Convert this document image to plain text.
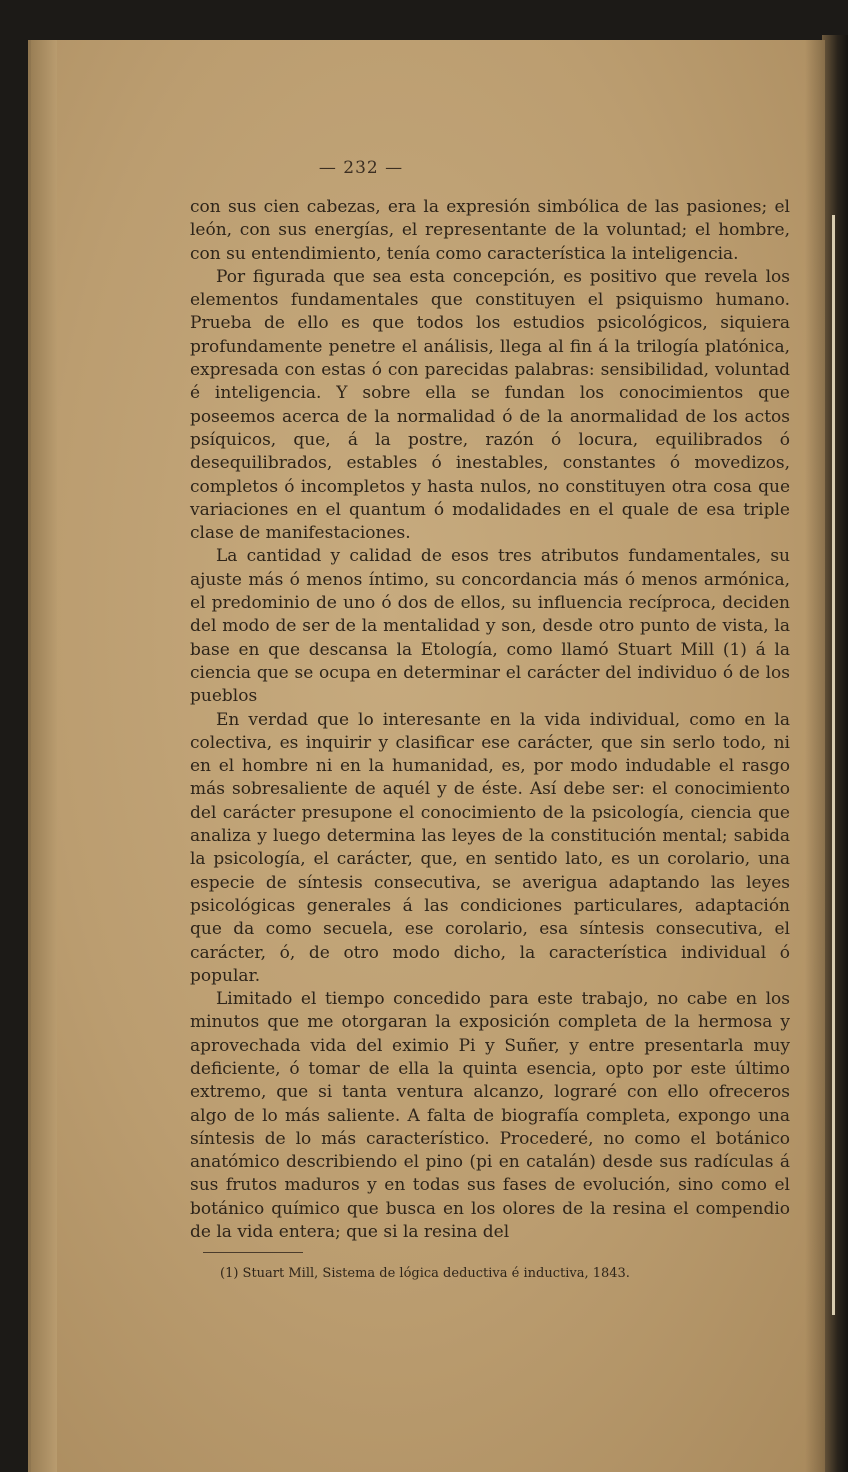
— 232 —

con sus cien cabezas, era la expresión simbólica de las pasiones; el león, con sus energías, el representante de la voluntad; el hombre, con su entendimiento, tenía como característica la inteligencia.

Por figurada que sea esta concepción, es positivo que revela los elementos fundamentales que constituyen el psiquismo humano. Prueba de ello es que todos los estudios psicológicos, siquiera profundamente penetre el análisis, llega al fin á la trilogía platónica, expresada con estas ó con parecidas palabras: sensibilidad, voluntad é inteligencia. Y sobre ella se fundan los conocimientos que poseemos acerca de la normalidad ó de la anormalidad de los actos psíquicos, que, á la postre, razón ó locura, equilibrados ó desequilibrados, estables ó inestables, constantes ó movedizos, completos ó incompletos y hasta nulos, no constituyen otra cosa que variaciones en el quantum ó modalidades en el quale de esa triple clase de manifestaciones.

La cantidad y calidad de esos tres atributos fundamentales, su ajuste más ó menos íntimo, su concordancia más ó menos armónica, el predominio de uno ó dos de ellos, su influencia recíproca, deciden del modo de ser de la mentalidad y son, desde otro punto de vista, la base en que descansa la Etología, como llamó Stuart Mill (1) á la ciencia que se ocupa en determinar el carácter del individuo ó de los pueblos

En verdad que lo interesante en la vida individual, como en la colectiva, es inquirir y clasificar ese carácter, que sin serlo todo, ni en el hombre ni en la humanidad, es, por modo indudable el rasgo más sobresaliente de aquél y de éste. Así debe ser: el conocimiento del carácter presupone el conocimiento de la psicología, ciencia que analiza y luego determina las leyes de la constitución mental; sabida la psicología, el carácter, que, en sentido lato, es un corolario, una especie de síntesis consecutiva, se averigua adaptando las leyes psicológicas generales á las condiciones particulares, adaptación que da como secuela, ese corolario, esa síntesis consecutiva, el carácter, ó, de otro modo dicho, la característica individual ó popular.

Limitado el tiempo concedido para este trabajo, no cabe en los minutos que me otorgaran la exposición completa de la hermosa y aprovechada vida del eximio Pi y Suñer, y entre presentarla muy deficiente, ó tomar de ella la quinta esencia, opto por este último extremo, que si tanta ventura alcanzo, lograré con ello ofreceros algo de lo más saliente. A falta de biografía completa, expongo una síntesis de lo más característico. Procederé, no como el botánico anatómico describiendo el pino (pi en catalán) desde sus radículas á sus frutos maduros y en todas sus fases de evolución, sino como el botánico químico que busca en los olores de la resina el compendio de la vida entera; que si la resina del

(1) Stuart Mill, Sistema de lógica deductiva é inductiva, 1843.
